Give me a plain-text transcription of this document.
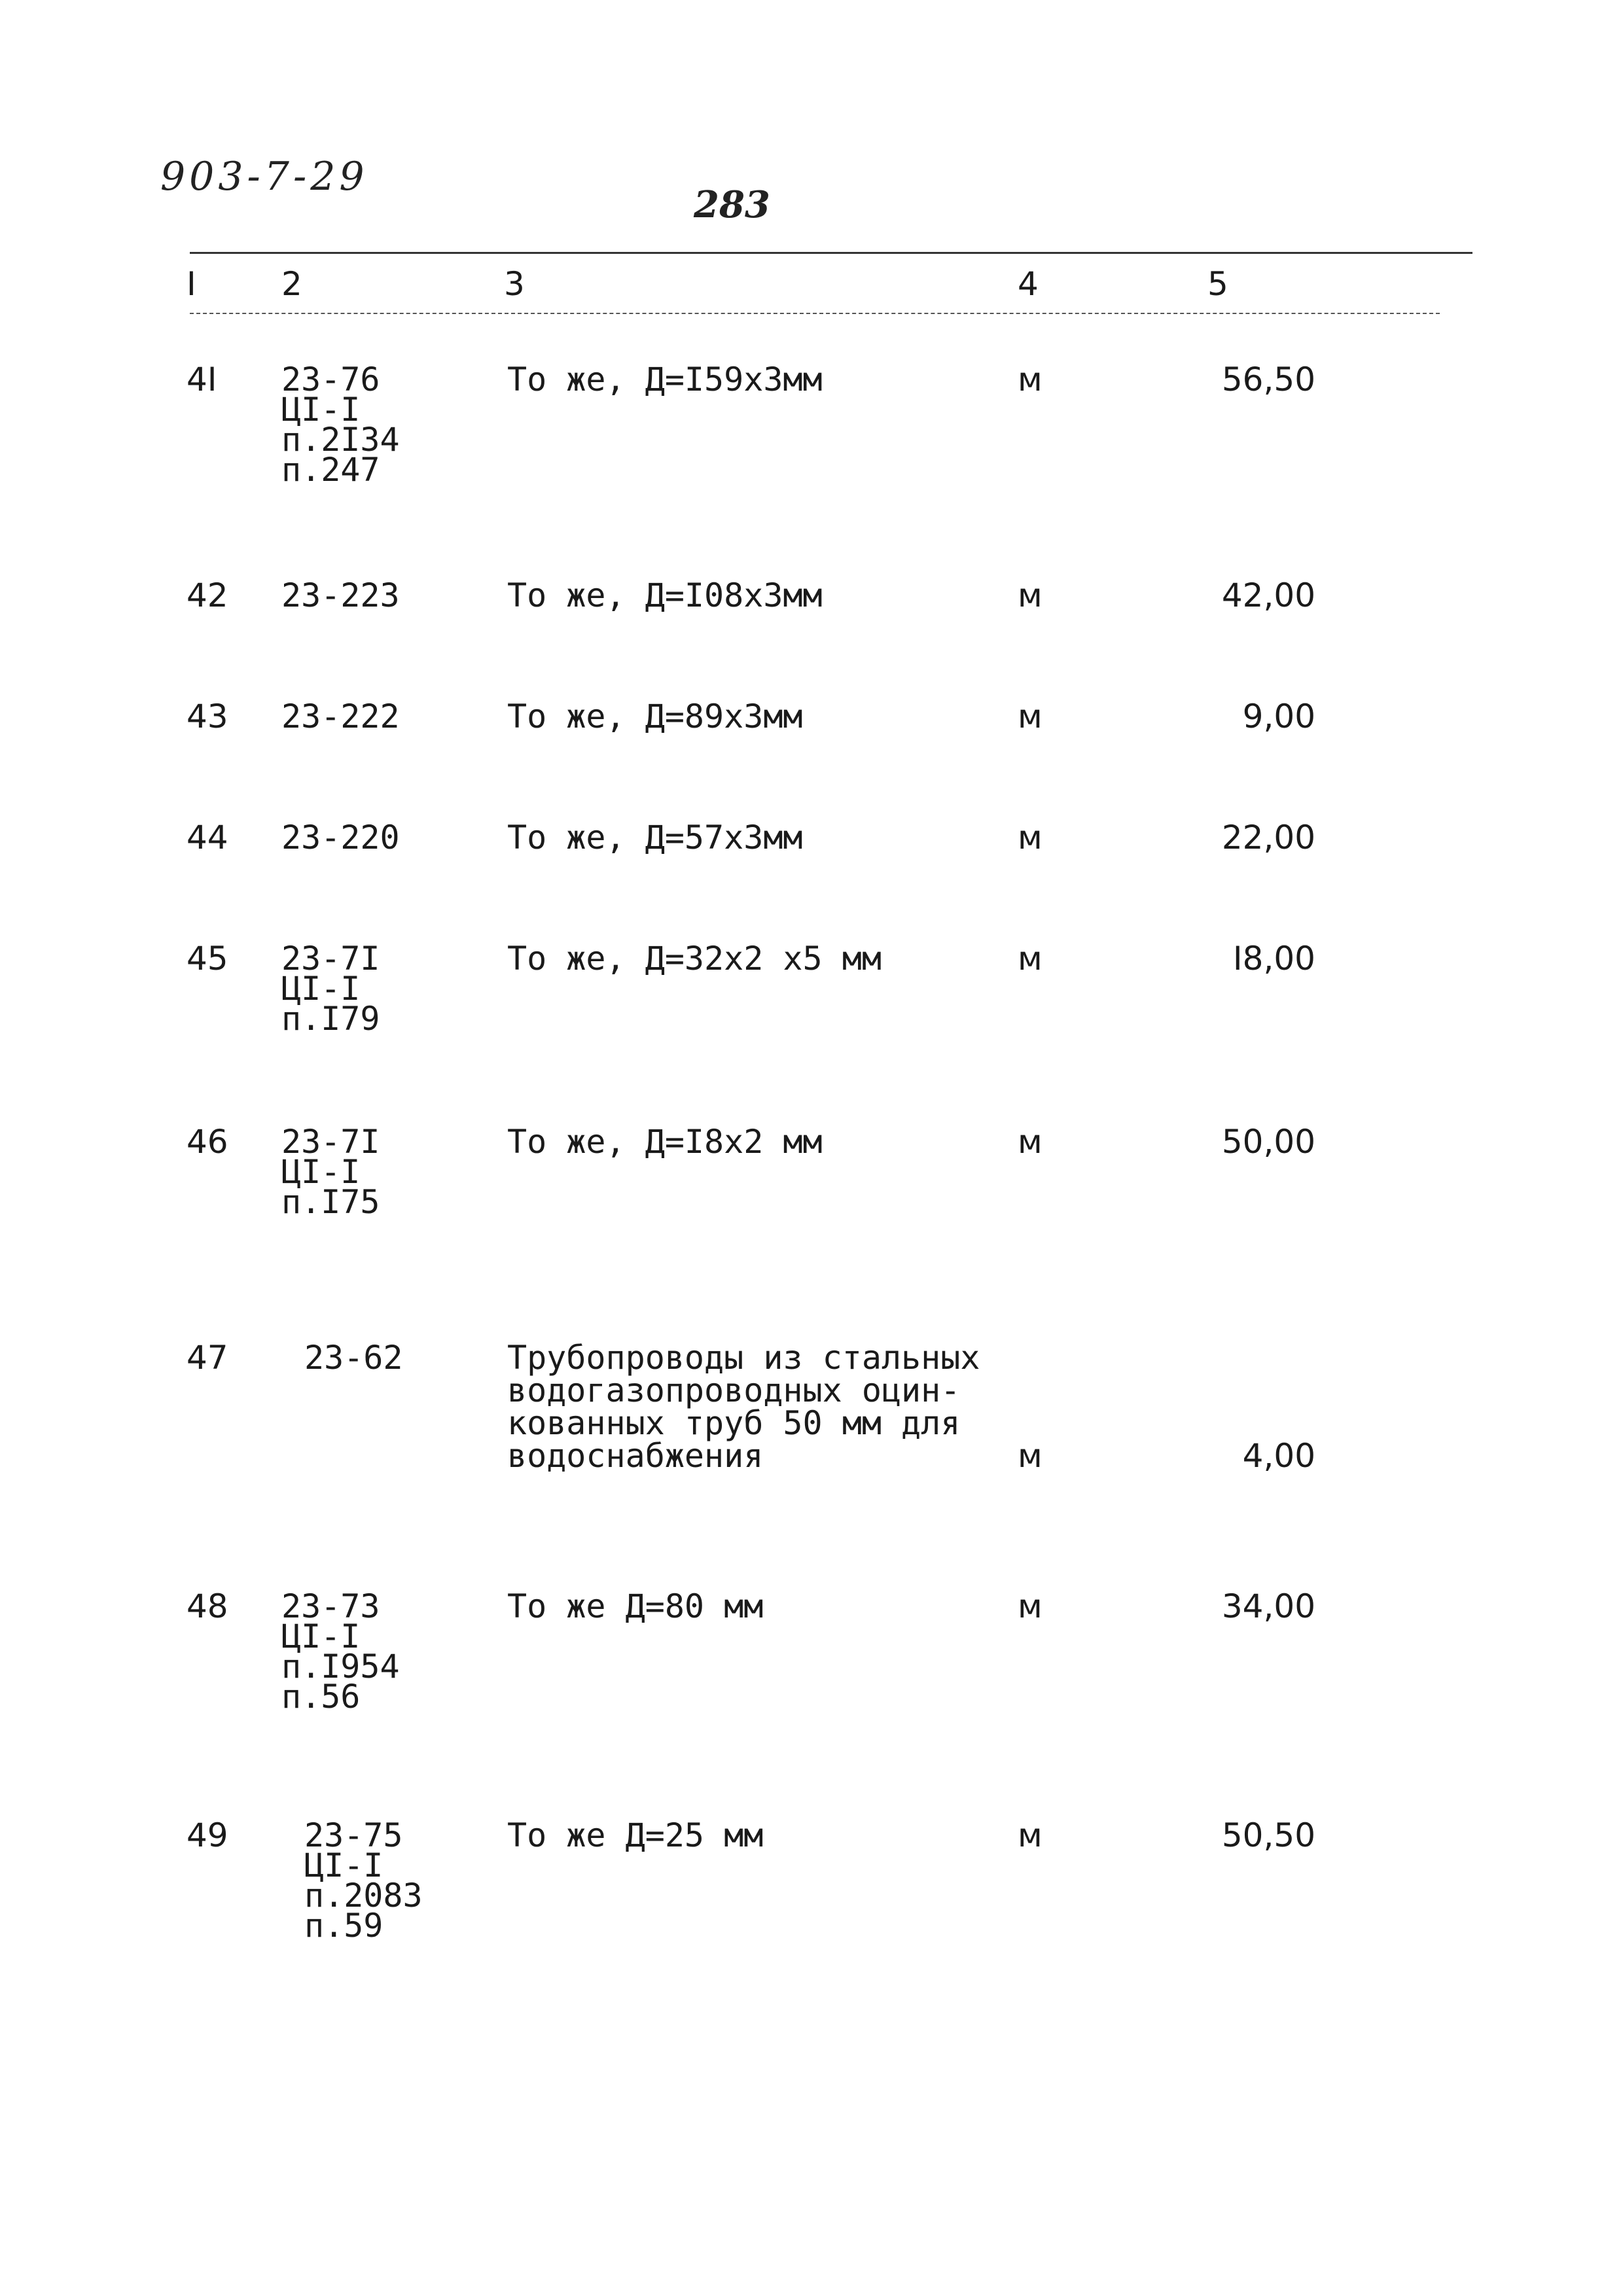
903-7-29
283
I	2	3	4	5
4I 23-76
ЦI-I
п.2I34
п.247
То же, Д=I59х3мм	м	56,50
42 23-223	То же, Д=I08х3мм	м	42,00
43 23-222	То же, Д=89х3мм	м	9,00
44 23-220	То же, Д=57х3мм	м	22,00
45 23-7I
ЦI-I
п.I79
То же, Д=32х2 х5 мм	м	I8,00
46 23-7I
ЦI-I
п.I75
То же, Д=I8х2 мм	м	50,00
47 23-62	Трубопроводы из стальных
водогазопроводных оцин-
кованных труб 50 мм для
водоснабжения	м	4,00
48 23-73
ЦI-I
п.I954
п.56
То же Д=80 мм	м	34,00
49 23-75
ЦI-I
п.2083
п.59
То же Д=25 мм	м	50,50
